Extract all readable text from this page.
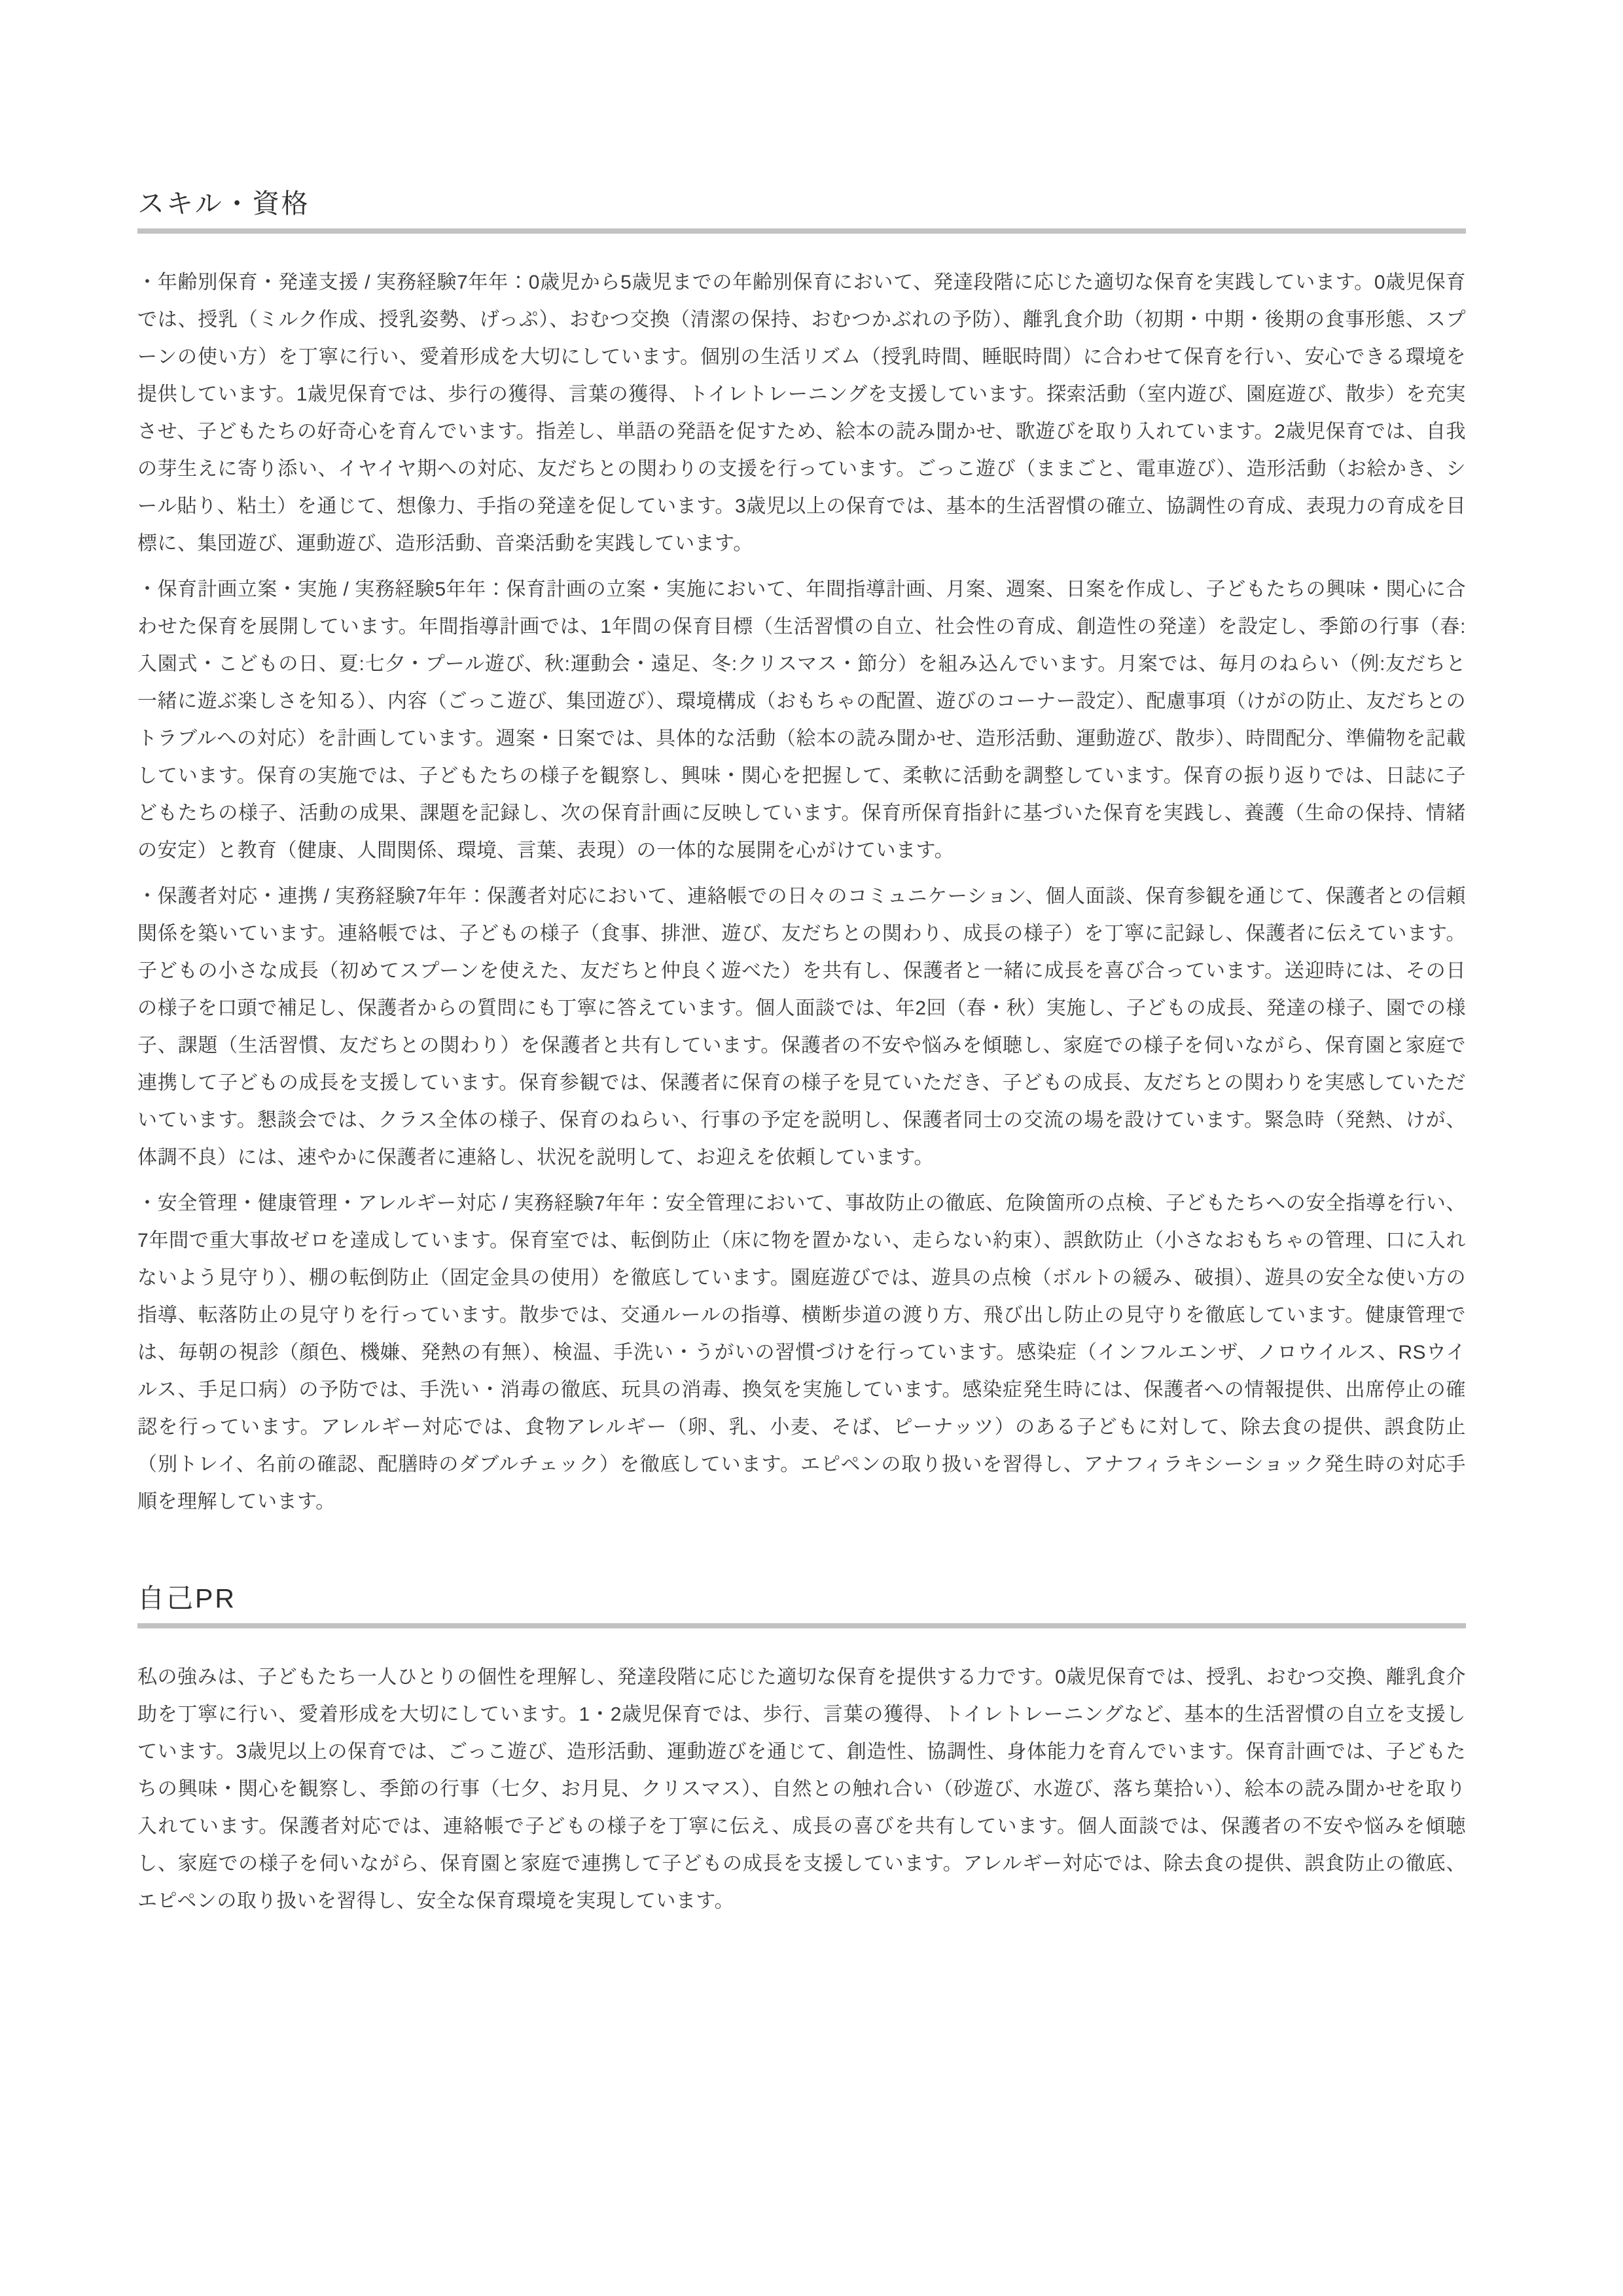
スキル・資格

・年齢別保育・発達支援 / 実務経験7年年：0歳児から5歳児までの年齢別保育において、発達段階に応じた適切な保育を実践しています。0歳児保育では、授乳（ミルク作成、授乳姿勢、げっぷ）、おむつ交換（清潔の保持、おむつかぶれの予防）、離乳食介助（初期・中期・後期の食事形態、スプーンの使い方）を丁寧に行い、愛着形成を大切にしています。個別の生活リズム（授乳時間、睡眠時間）に合わせて保育を行い、安心できる環境を提供しています。1歳児保育では、歩行の獲得、言葉の獲得、トイレトレーニングを支援しています。探索活動（室内遊び、園庭遊び、散歩）を充実させ、子どもたちの好奇心を育んでいます。指差し、単語の発語を促すため、絵本の読み聞かせ、歌遊びを取り入れています。2歳児保育では、自我の芽生えに寄り添い、イヤイヤ期への対応、友だちとの関わりの支援を行っています。ごっこ遊び（ままごと、電車遊び）、造形活動（お絵かき、シール貼り、粘土）を通じて、想像力、手指の発達を促しています。3歳児以上の保育では、基本的生活習慣の確立、協調性の育成、表現力の育成を目標に、集団遊び、運動遊び、造形活動、音楽活動を実践しています。

・保育計画立案・実施 / 実務経験5年年：保育計画の立案・実施において、年間指導計画、月案、週案、日案を作成し、子どもたちの興味・関心に合わせた保育を展開しています。年間指導計画では、1年間の保育目標（生活習慣の自立、社会性の育成、創造性の発達）を設定し、季節の行事（春:入園式・こどもの日、夏:七夕・プール遊び、秋:運動会・遠足、冬:クリスマス・節分）を組み込んでいます。月案では、毎月のねらい（例:友だちと一緒に遊ぶ楽しさを知る）、内容（ごっこ遊び、集団遊び）、環境構成（おもちゃの配置、遊びのコーナー設定）、配慮事項（けがの防止、友だちとのトラブルへの対応）を計画しています。週案・日案では、具体的な活動（絵本の読み聞かせ、造形活動、運動遊び、散歩）、時間配分、準備物を記載しています。保育の実施では、子どもたちの様子を観察し、興味・関心を把握して、柔軟に活動を調整しています。保育の振り返りでは、日誌に子どもたちの様子、活動の成果、課題を記録し、次の保育計画に反映しています。保育所保育指針に基づいた保育を実践し、養護（生命の保持、情緒の安定）と教育（健康、人間関係、環境、言葉、表現）の一体的な展開を心がけています。

・保護者対応・連携 / 実務経験7年年：保護者対応において、連絡帳での日々のコミュニケーション、個人面談、保育参観を通じて、保護者との信頼関係を築いています。連絡帳では、子どもの様子（食事、排泄、遊び、友だちとの関わり、成長の様子）を丁寧に記録し、保護者に伝えています。子どもの小さな成長（初めてスプーンを使えた、友だちと仲良く遊べた）を共有し、保護者と一緒に成長を喜び合っています。送迎時には、その日の様子を口頭で補足し、保護者からの質問にも丁寧に答えています。個人面談では、年2回（春・秋）実施し、子どもの成長、発達の様子、園での様子、課題（生活習慣、友だちとの関わり）を保護者と共有しています。保護者の不安や悩みを傾聴し、家庭での様子を伺いながら、保育園と家庭で連携して子どもの成長を支援しています。保育参観では、保護者に保育の様子を見ていただき、子どもの成長、友だちとの関わりを実感していただいています。懇談会では、クラス全体の様子、保育のねらい、行事の予定を説明し、保護者同士の交流の場を設けています。緊急時（発熱、けが、体調不良）には、速やかに保護者に連絡し、状況を説明して、お迎えを依頼しています。

・安全管理・健康管理・アレルギー対応 / 実務経験7年年：安全管理において、事故防止の徹底、危険箇所の点検、子どもたちへの安全指導を行い、7年間で重大事故ゼロを達成しています。保育室では、転倒防止（床に物を置かない、走らない約束）、誤飲防止（小さなおもちゃの管理、口に入れないよう見守り）、棚の転倒防止（固定金具の使用）を徹底しています。園庭遊びでは、遊具の点検（ボルトの緩み、破損）、遊具の安全な使い方の指導、転落防止の見守りを行っています。散歩では、交通ルールの指導、横断歩道の渡り方、飛び出し防止の見守りを徹底しています。健康管理では、毎朝の視診（顔色、機嫌、発熱の有無）、検温、手洗い・うがいの習慣づけを行っています。感染症（インフルエンザ、ノロウイルス、RSウイルス、手足口病）の予防では、手洗い・消毒の徹底、玩具の消毒、換気を実施しています。感染症発生時には、保護者への情報提供、出席停止の確認を行っています。アレルギー対応では、食物アレルギー（卵、乳、小麦、そば、ピーナッツ）のある子どもに対して、除去食の提供、誤食防止（別トレイ、名前の確認、配膳時のダブルチェック）を徹底しています。エピペンの取り扱いを習得し、アナフィラキシーショック発生時の対応手順を理解しています。

自己PR

私の強みは、子どもたち一人ひとりの個性を理解し、発達段階に応じた適切な保育を提供する力です。0歳児保育では、授乳、おむつ交換、離乳食介助を丁寧に行い、愛着形成を大切にしています。1・2歳児保育では、歩行、言葉の獲得、トイレトレーニングなど、基本的生活習慣の自立を支援しています。3歳児以上の保育では、ごっこ遊び、造形活動、運動遊びを通じて、創造性、協調性、身体能力を育んでいます。保育計画では、子どもたちの興味・関心を観察し、季節の行事（七夕、お月見、クリスマス）、自然との触れ合い（砂遊び、水遊び、落ち葉拾い）、絵本の読み聞かせを取り入れています。保護者対応では、連絡帳で子どもの様子を丁寧に伝え、成長の喜びを共有しています。個人面談では、保護者の不安や悩みを傾聴し、家庭での様子を伺いながら、保育園と家庭で連携して子どもの成長を支援しています。アレルギー対応では、除去食の提供、誤食防止の徹底、エピペンの取り扱いを習得し、安全な保育環境を実現しています。
